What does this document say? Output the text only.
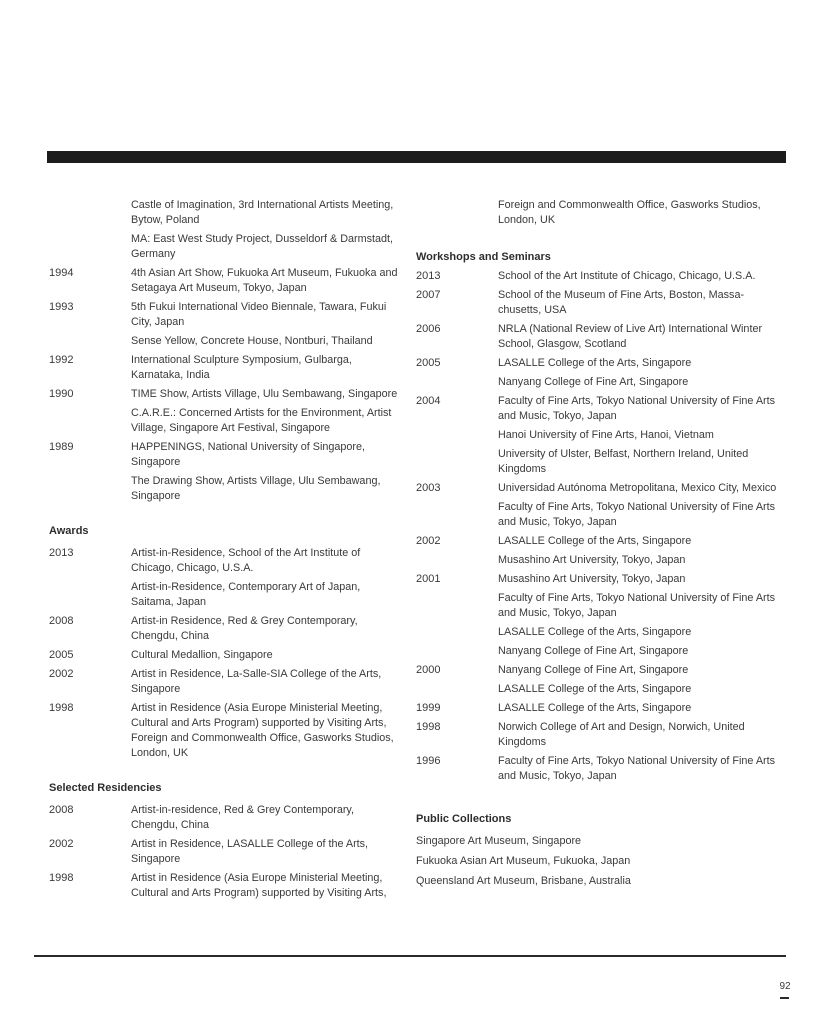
Castle of Imagination, 3rd International Artists Meeting, Bytow, Poland
MA: East West Study Project, Dusseldorf & Darmstadt, Germany
1994	4th Asian Art Show, Fukuoka Art Museum, Fukuoka and Setagaya Art Museum, Tokyo, Japan
1993	5th Fukui International Video Biennale, Tawara, Fukui City, Japan
Sense Yellow, Concrete House, Nontburi, Thailand
1992	International Sculpture Symposium, Gulbarga, Karnataka, India
1990	TIME Show, Artists Village, Ulu Sembawang, Singapore
C.A.R.E.: Concerned Artists for the Environment, Artist Village, Singapore Art Festival, Singapore
1989	HAPPENINGS, National University of Singapore, Singapore
The Drawing Show, Artists Village, Ulu Sembawang, Singapore
Awards
2013	Artist-in-Residence, School of the Art Institute of Chicago, Chicago, U.S.A.
Artist-in-Residence, Contemporary Art of Japan, Saitama, Japan
2008	Artist-in Residence, Red & Grey Contemporary, Chengdu, China
2005	Cultural Medallion, Singapore
2002	Artist in Residence, La-Salle-SIA College of the Arts, Singapore
1998	Artist in Residence (Asia Europe Ministerial Meeting, Cultural and Arts Program) supported by Visiting Arts, Foreign and Commonwealth Office, Gasworks Studios, London, UK
Selected Residencies
2008	Artist-in-residence, Red & Grey Contemporary, Chengdu, China
2002	Artist in Residence, LASALLE College of the Arts, Singapore
1998	Artist in Residence (Asia Europe Ministerial Meeting, Cultural and Arts Program) supported by Visiting Arts,
Foreign and Commonwealth Office, Gasworks Studios, London, UK
Workshops and Seminars
2013	School of the Art Institute of Chicago, Chicago, U.S.A.
2007	School of the Museum of Fine Arts, Boston, Massa-chusetts, USA
2006	NRLA (National Review of Live Art) International Winter School, Glasgow, Scotland
2005	LASALLE College of the Arts, Singapore
Nanyang College of Fine Art, Singapore
2004	Faculty of Fine Arts, Tokyo National University of Fine Arts and Music, Tokyo, Japan
Hanoi University of Fine Arts, Hanoi, Vietnam
University of Ulster, Belfast, Northern Ireland, United Kingdoms
2003	Universidad Autónoma Metropolitana, Mexico City, Mexico
Faculty of Fine Arts, Tokyo National University of Fine Arts and Music, Tokyo, Japan
2002	LASALLE College of the Arts, Singapore
Musashino Art University, Tokyo, Japan
2001	Musashino Art University, Tokyo, Japan
Faculty of Fine Arts, Tokyo National University of Fine Arts and Music, Tokyo, Japan
LASALLE College of the Arts, Singapore
Nanyang College of Fine Art, Singapore
2000	Nanyang College of Fine Art, Singapore
LASALLE College of the Arts, Singapore
1999	LASALLE College of the Arts, Singapore
1998	Norwich College of Art and Design, Norwich, United Kingdoms
1996	Faculty of Fine Arts, Tokyo National University of Fine Arts and Music, Tokyo, Japan
Public Collections
Singapore Art Museum, Singapore
Fukuoka Asian Art Museum, Fukuoka, Japan
Queensland Art Museum, Brisbane, Australia
92
